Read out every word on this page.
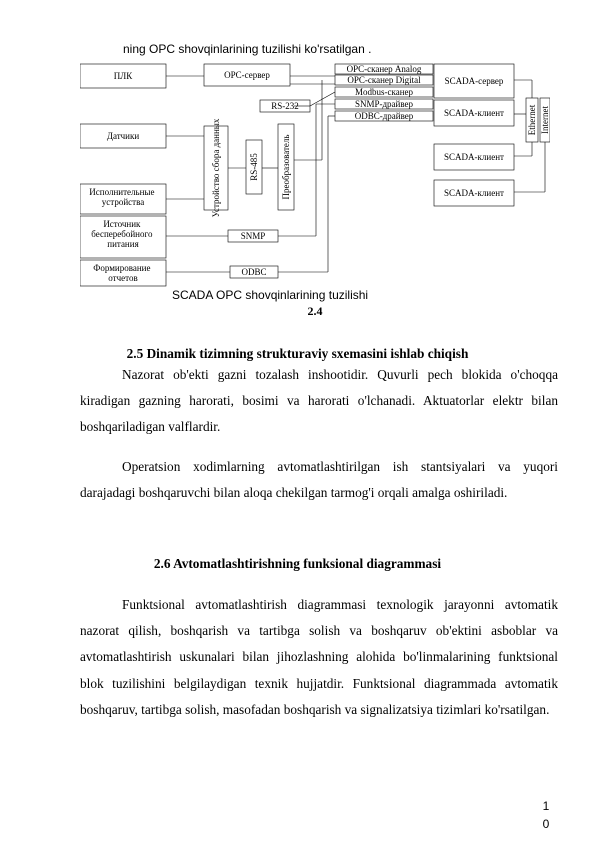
ning OPC shovqinlarining tuzilishi ko'rsatilgan .
ПЛК
Датчики
Исполнительные устройства
Источник бесперебойного питания
Формирование отчетов
OPC-сервер
RS-232
Устройство сбора данных	RS-485 Преобразователь
SNMP
ODBC
OPC-сканер Analog
OPC-сканер Digital
Modbus-сканер
SNMP-драйвер
ODBC-драйвер
SCADA-сервер
SCADA-клиент
SCADA-клиент
SCADA-клиент
Ethernet Internet
SCADA OPC shovqinlarining tuzilishi
2.4
2.5 Dinamik tizimning strukturaviy sxemasini ishlab chiqish

Nazorat ob'ekti gazni tozalash inshootidir. Quvurli pech blokida o'choqqa kiradigan gazning harorati, bosimi va harorati o'lchanadi. Aktuatorlar elektr bilan boshqariladigan valflardir.

Operatsion xodimlarning avtomatlashtirilgan ish stantsiyalari va yuqori darajadagi boshqaruvchi bilan aloqa chekilgan tarmog'i orqali amalga oshiriladi.

2.6 Avtomatlashtirishning funksional diagrammasi

Funktsional avtomatlashtirish diagrammasi texnologik jarayonni avtomatik nazorat qilish, boshqarish va tartibga solish va boshqaruv ob'ektini asboblar va avtomatlashtirish uskunalari bilan jihozlashning alohida bo'linmalarining funktsional blok tuzilishini belgilaydigan texnik hujjatdir. Funktsional diagrammada avtomatik boshqaruv, tartibga solish, masofadan boshqarish va signalizatsiya tizimlari ko'rsatilgan.

1
0
